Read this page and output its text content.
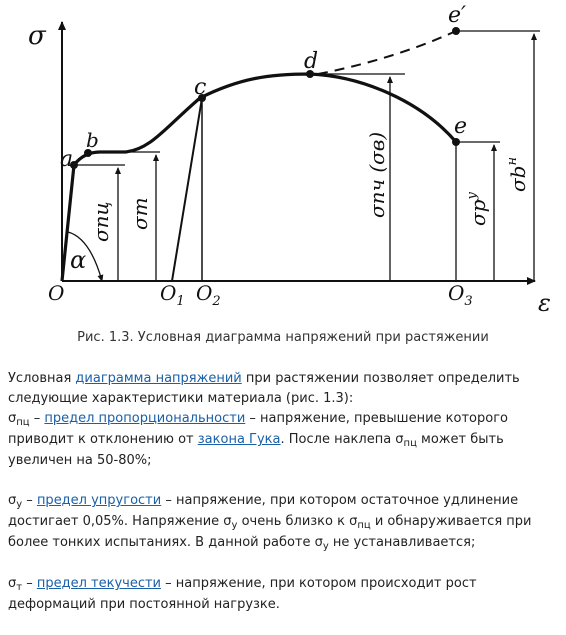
σ
ε
O	$O_1$ $O_2$	$O_3$
α
a
b
c
d
e
e′
σпц σт	σпч (σв)	$\sigma р^у$
$\sigma b^н$
Рис. 1.3. Условная диаграмма напряжений при растяжении

Условная диаграмма напряжений при растяжении позволяет определить следующие характеристики материала (рис. 1.3):

$\sigma_{пц}$ – предел пропорциональности – напряжение, превышение которого приводит к отклонению от закона Гука. После наклепа $\sigma_{пц}$ может быть увеличен на 50-80%;

$\sigma_у$ – предел упругости – напряжение, при котором остаточное удлинение достигает 0,05%. Напряжение $\sigma_у$ очень близко к $\sigma_{пц}$ и обнаруживается при более тонких испытаниях. В данной работе $\sigma_у$ не устанавливается;

$\sigma_т$ – предел текучести – напряжение, при котором происходит рост деформаций при постоянной нагрузке.
